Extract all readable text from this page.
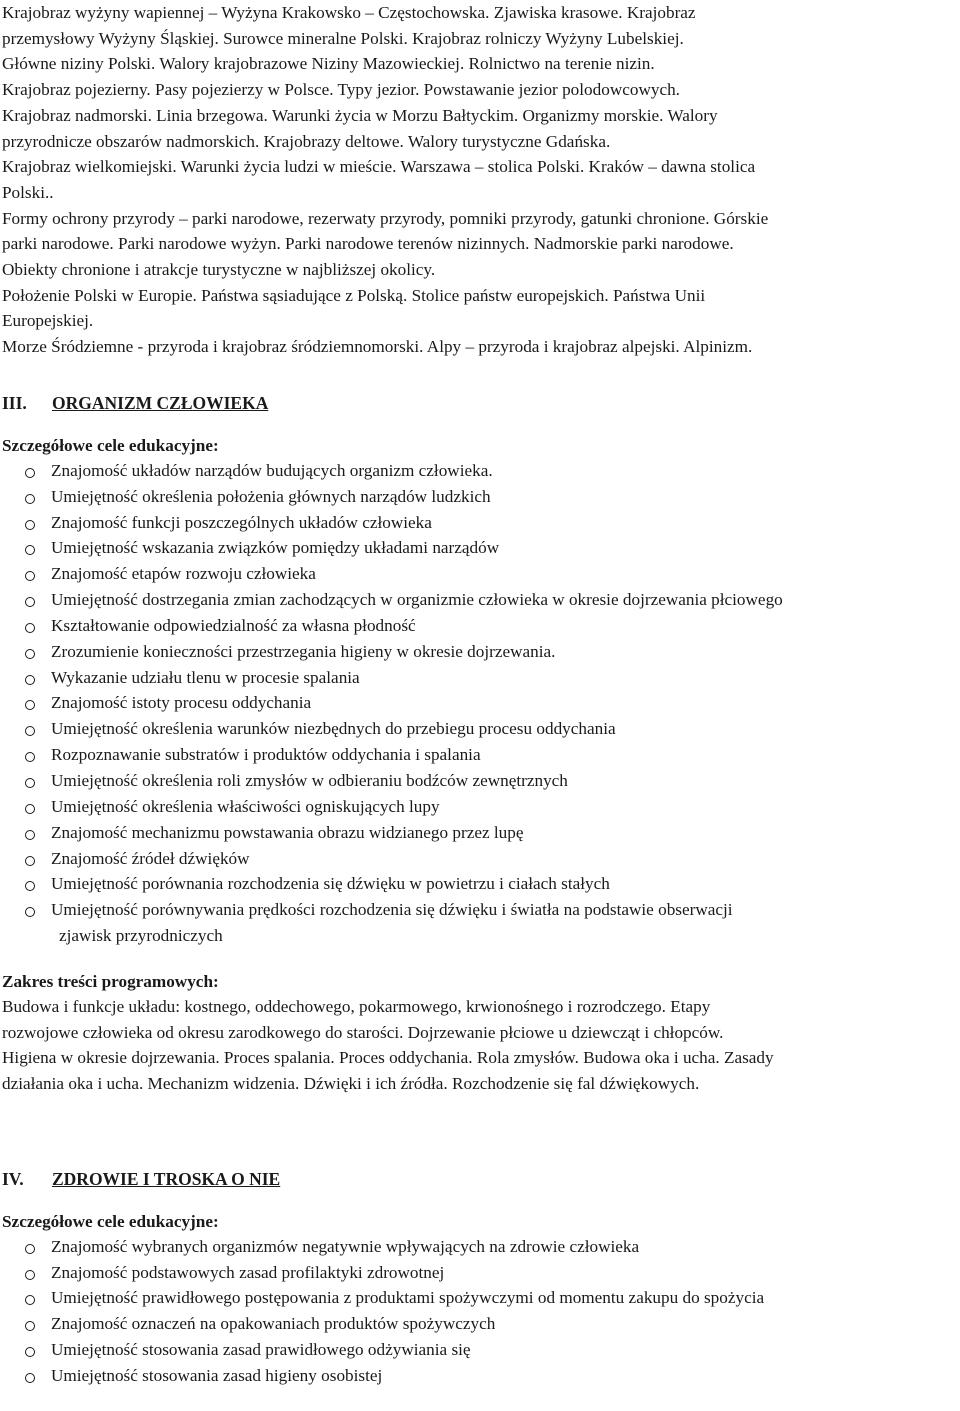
Krajobraz wyżyny wapiennej – Wyżyna Krakowsko – Częstochowska. Zjawiska krasowe. Krajobraz

przemysłowy Wyżyny Śląskiej. Surowce mineralne Polski. Krajobraz rolniczy Wyżyny Lubelskiej.

Główne niziny Polski. Walory krajobrazowe Niziny Mazowieckiej. Rolnictwo na terenie nizin.

Krajobraz pojezierny. Pasy pojezierzy w Polsce. Typy jezior. Powstawanie jezior polodowcowych.

Krajobraz nadmorski. Linia brzegowa. Warunki życia w Morzu Bałtyckim. Organizmy morskie. Walory

przyrodnicze obszarów nadmorskich. Krajobrazy deltowe. Walory turystyczne Gdańska.

Krajobraz wielkomiejski. Warunki życia ludzi w mieście. Warszawa – stolica Polski. Kraków – dawna stolica

Polski..

Formy ochrony przyrody – parki narodowe, rezerwaty przyrody, pomniki przyrody, gatunki chronione. Górskie

parki narodowe. Parki narodowe wyżyn. Parki narodowe terenów nizinnych. Nadmorskie parki narodowe.

Obiekty chronione i atrakcje turystyczne w najbliższej okolicy.

Położenie Polski w Europie. Państwa sąsiadujące z Polską. Stolice państw europejskich. Państwa Unii

Europejskiej.

Morze Śródziemne - przyroda i krajobraz śródziemnomorski. Alpy – przyroda i krajobraz alpejski. Alpinizm.

III. ORGANIZM CZŁOWIEKA

Szczegółowe cele edukacyjne:

Znajomość układów narządów budujących organizm człowieka.
Umiejętność określenia położenia głównych narządów ludzkich
Znajomość funkcji poszczególnych układów człowieka
Umiejętność wskazania związków pomiędzy układami narządów
Znajomość etapów rozwoju człowieka
Umiejętność dostrzegania zmian zachodzących w organizmie człowieka w okresie dojrzewania płciowego
Kształtowanie odpowiedzialność za własna płodność
Zrozumienie konieczności przestrzegania higieny w okresie dojrzewania.
Wykazanie udziału tlenu w procesie spalania
Znajomość istoty procesu oddychania
Umiejętność określenia warunków niezbędnych do przebiegu procesu oddychania
Rozpoznawanie substratów i produktów oddychania i spalania
Umiejętność określenia roli zmysłów w odbieraniu bodźców zewnętrznych
Umiejętność określenia właściwości ogniskujących lupy
Znajomość mechanizmu powstawania obrazu widzianego przez lupę
Znajomość źródeł dźwięków
Umiejętność porównania rozchodzenia się dźwięku w powietrzu i ciałach stałych
Umiejętność porównywania prędkości rozchodzenia się dźwięku i światła na podstawie obserwacji
zjawisk przyrodniczych

Zakres treści programowych:

Budowa i funkcje układu: kostnego, oddechowego, pokarmowego, krwionośnego i rozrodczego. Etapy

rozwojowe człowieka od okresu zarodkowego do starości. Dojrzewanie płciowe u dziewcząt i chłopców.

Higiena w okresie dojrzewania. Proces spalania. Proces oddychania. Rola zmysłów. Budowa oka i ucha. Zasady

działania oka i ucha. Mechanizm widzenia. Dźwięki i ich źródła. Rozchodzenie się fal dźwiękowych.

IV. ZDROWIE I TROSKA O NIE

Szczegółowe cele edukacyjne:

Znajomość wybranych organizmów negatywnie wpływających na zdrowie człowieka
Znajomość podstawowych zasad profilaktyki zdrowotnej
Umiejętność prawidłowego postępowania z produktami spożywczymi od momentu zakupu do spożycia
Znajomość oznaczeń na opakowaniach produktów spożywczych
Umiejętność stosowania zasad prawidłowego odżywiania się
Umiejętność stosowania zasad higieny osobistej
